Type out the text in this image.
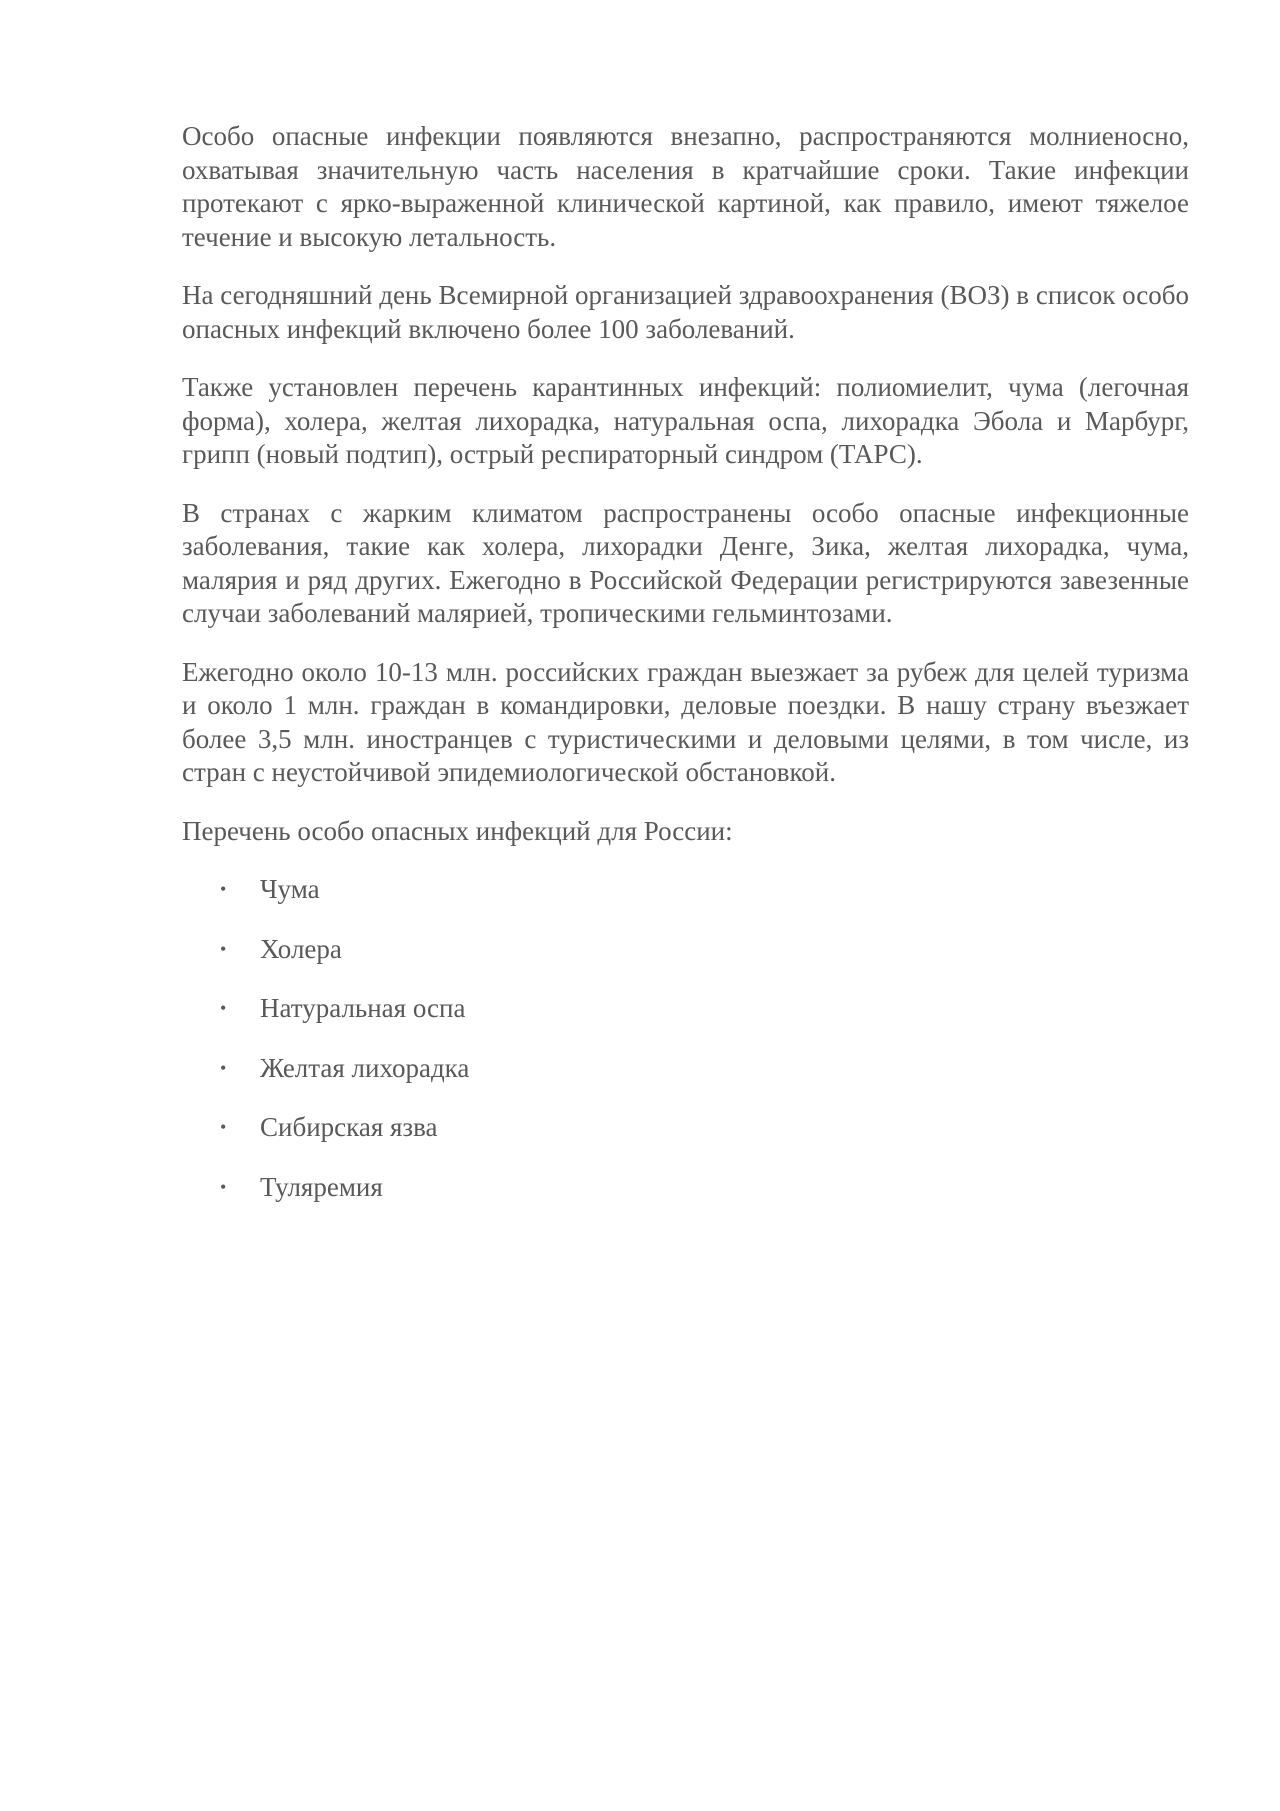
Особо опасные инфекции появляются внезапно, распространяются молниеносно, охватывая значительную часть населения в кратчайшие сроки. Такие инфекции протекают с ярко-выраженной клинической картиной, как правило, имеют тяжелое течение и высокую летальность.

На сегодняшний день Всемирной организацией здравоохранения (ВОЗ) в список особо опасных инфекций включено более 100 заболеваний.

Также установлен перечень карантинных инфекций: полиомиелит, чума (легочная форма), холера, желтая лихорадка, натуральная оспа, лихорадка Эбола и Марбург, грипп (новый подтип), острый респираторный синдром (ТАРС).

В странах с жарким климатом распространены особо опасные инфекционные заболевания, такие как холера, лихорадки Денге, Зика, желтая лихорадка, чума, малярия и ряд других. Ежегодно в Российской Федерации регистрируются завезенные случаи заболеваний малярией, тропическими гельминтозами.

Ежегодно около 10-13 млн. российских граждан выезжает за рубеж для целей туризма и около 1 млн. граждан в командировки, деловые поездки. В нашу страну въезжает более 3,5 млн. иностранцев с туристическими и деловыми целями, в том числе, из стран с неустойчивой эпидемиологической обстановкой.

Перечень особо опасных инфекций для России:

• Чума
• Холера
• Натуральная оспа
• Желтая лихорадка
• Сибирская язва
• Туляремия
